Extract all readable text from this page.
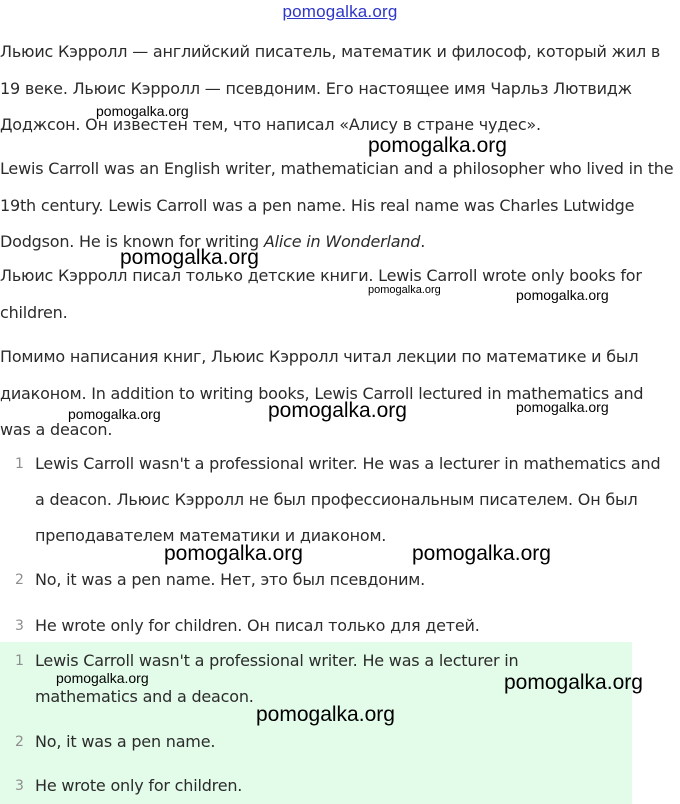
pomogalka.org

Льюис Кэрролл — английский писатель, математик и философ, который жил в 19 веке. Льюис Кэрролл — псевдоним. Его настоящее имя Чарльз Лютвидж Доджсон. Он известен тем, что написал «Алису в стране чудес».

Lewis Carroll was an English writer, mathematician and a philosopher who lived in the 19th century. Lewis Carroll was a pen name. His real name was Charles Lutwidge Dodgson. He is known for writing Alice in Wonderland.

Льюис Кэрролл писал только детские книги. Lewis Carroll wrote only books for children.

Помимо написания книг, Льюис Кэрролл читал лекции по математике и был диаконом. In addition to writing books, Lewis Carroll lectured in mathematics and was a deacon.

1 Lewis Carroll wasn't a professional writer. He was a lecturer in mathematics and a deacon. Льюис Кэрролл не был профессиональным писателем. Он был преподавателем математики и диаконом.
2 No, it was a pen name. Нет, это был псевдоним.
3 He wrote only for children. Он писал только для детей.
1 Lewis Carroll wasn't a professional writer. He was a lecturer in mathematics and a deacon.
2 No, it was a pen name.
3 He wrote only for children.
pomogalka.org
pomogalka.org
pomogalka.org
pomogalka.org	pomogalka.org
pomogalka.org
pomogalka.org
pomogalka.org
pomogalka.org	pomogalka.org
pomogalka.org	pomogalka.org
pomogalka.org
